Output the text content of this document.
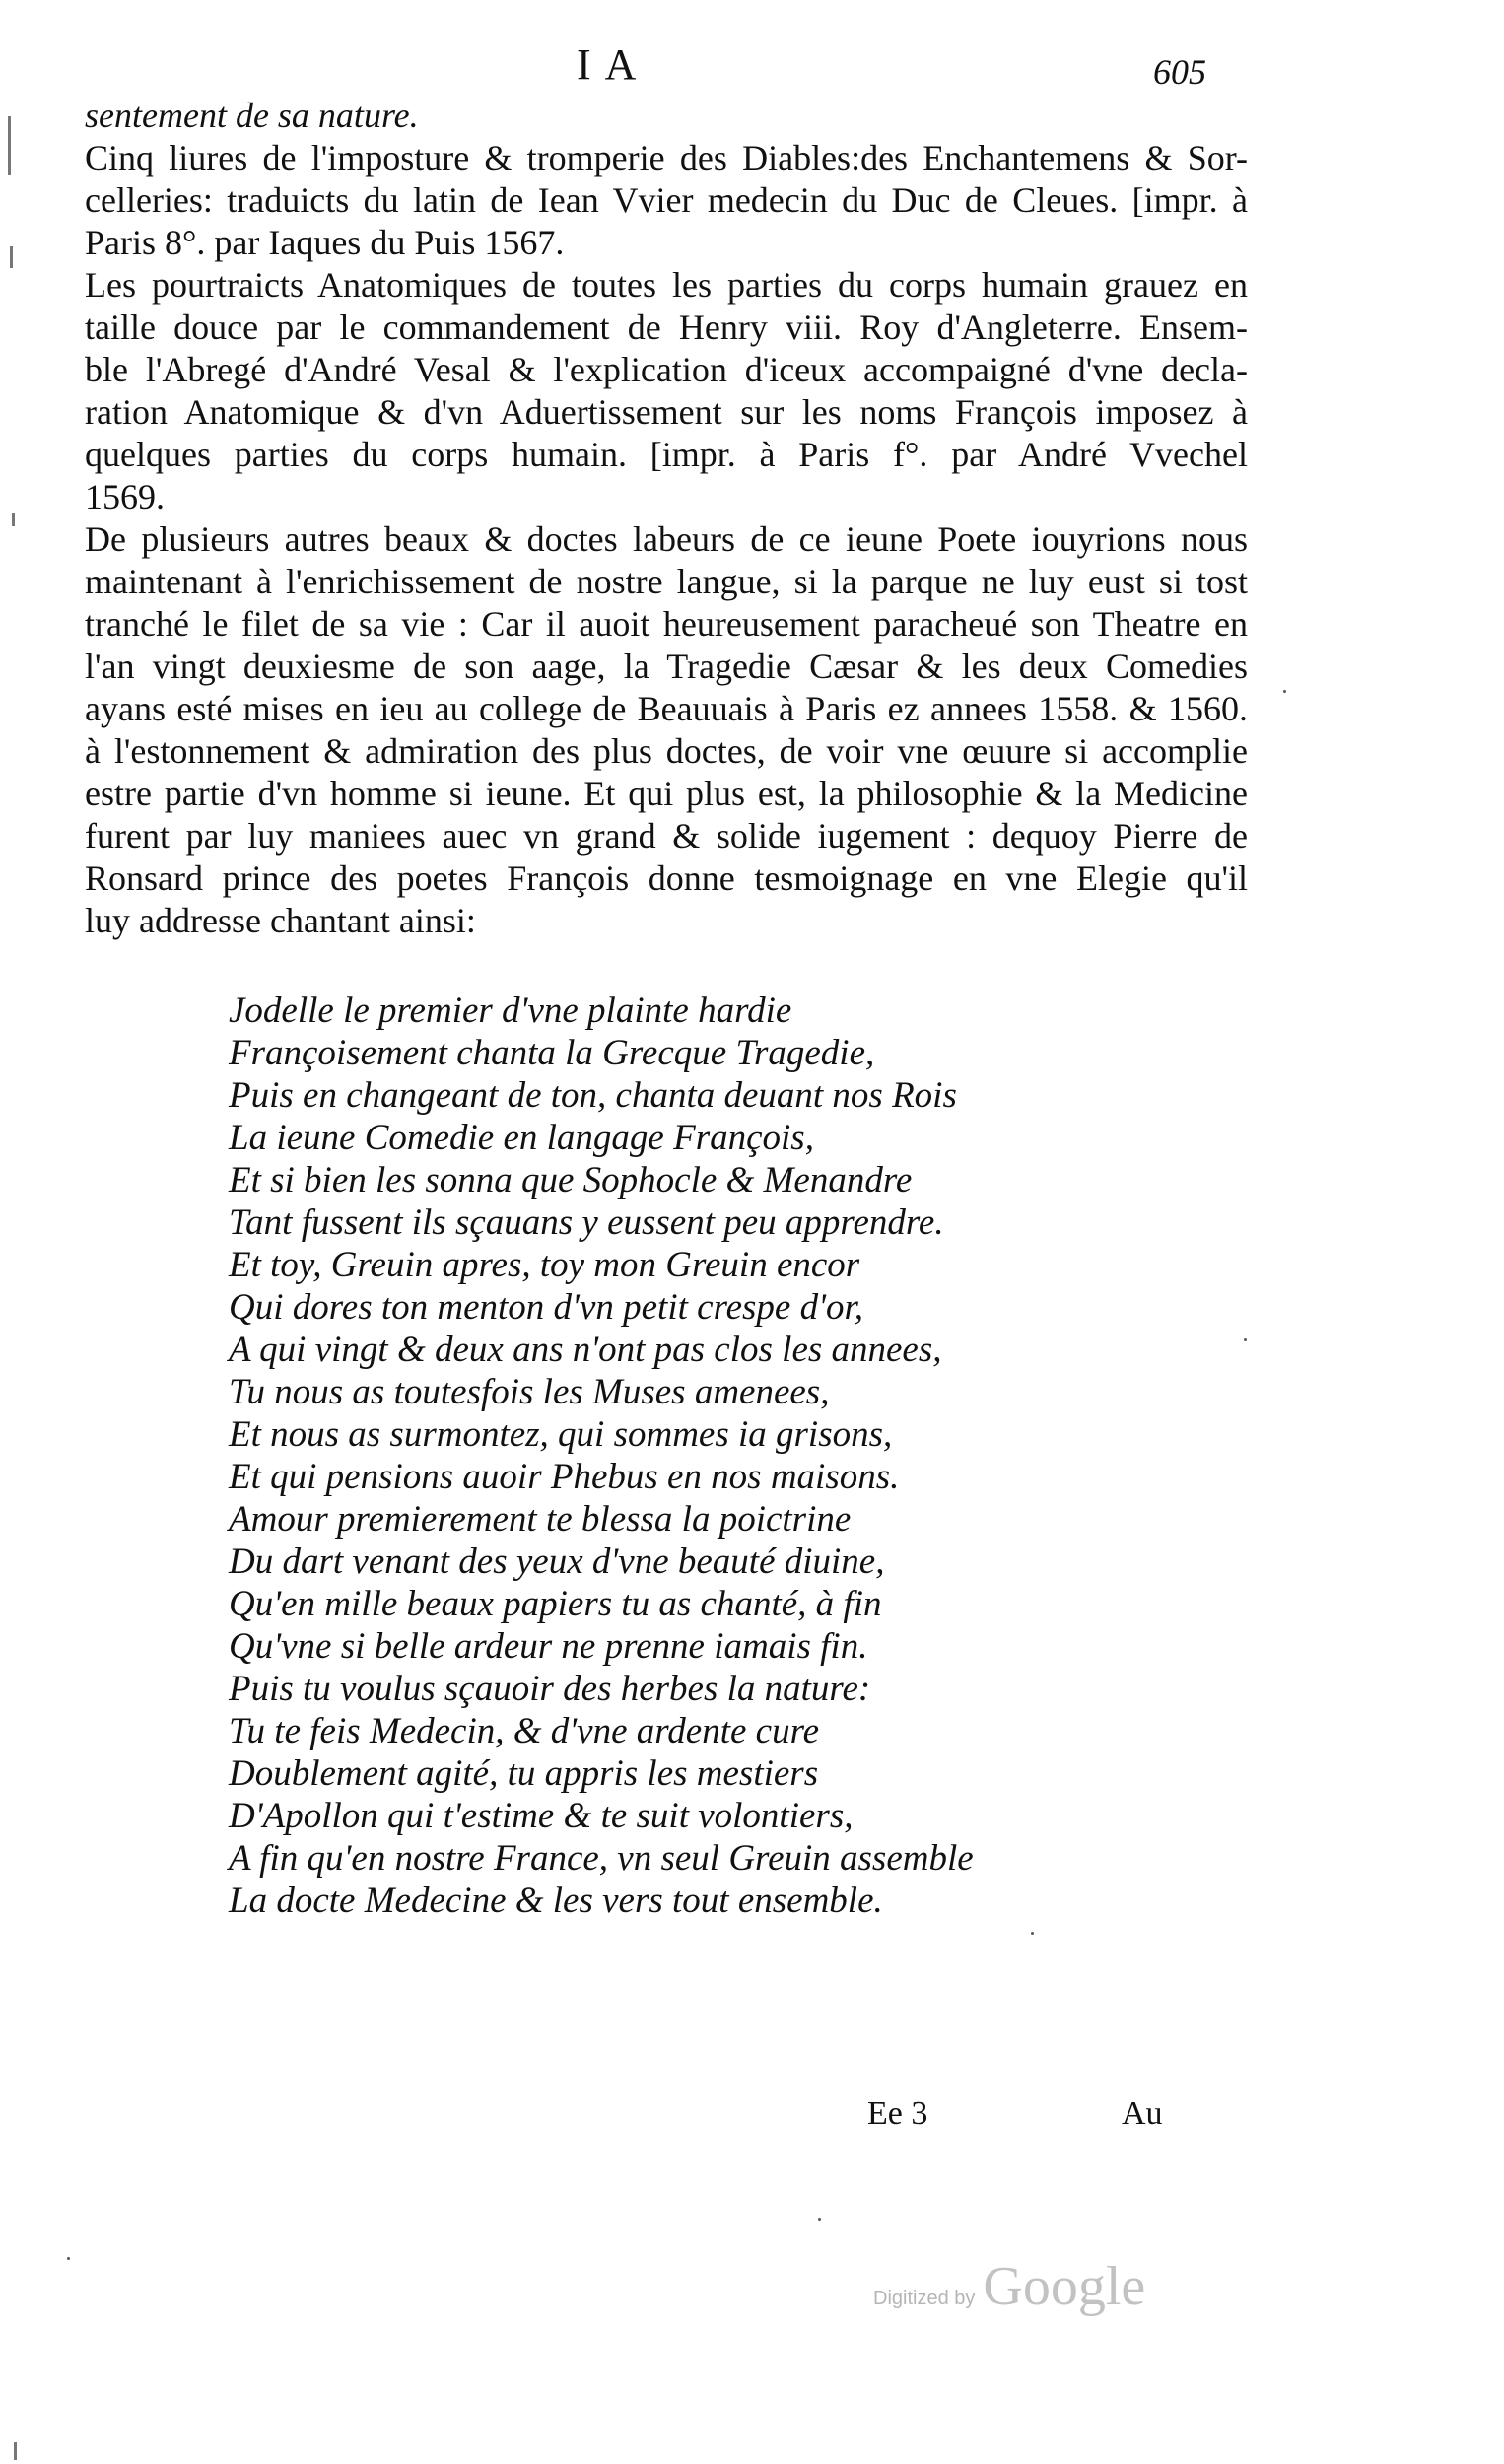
IA	605
sentement de sa nature.
Cinq liures de l'imposture & tromperie des Diables:des Enchantemens & Sor-
celleries: traduicts du latin de Iean Vvier medecin du Duc de Cleues. [impr. à
Paris 8°. par Iaques du Puis 1567.
Les pourtraicts Anatomiques de toutes les parties du corps humain grauez en
taille douce par le commandement de Henry viii. Roy d'Angleterre. Ensem-
ble l'Abregé d'André Vesal & l'explication d'iceux accompaigné d'vne decla-
ration Anatomique & d'vn Aduertissement sur les noms François imposez à
quelques parties du corps humain. [impr. à Paris f°. par André Vvechel
1569.
De plusieurs autres beaux & doctes labeurs de ce ieune Poete iouyrions nous
maintenant à l'enrichissement de nostre langue, si la parque ne luy eust si tost
tranché le filet de sa vie : Car il auoit heureusement paracheué son Theatre en
l'an vingt deuxiesme de son aage, la Tragedie Cæsar & les deux Comedies
ayans esté mises en ieu au college de Beauuais à Paris ez annees 1558. & 1560.
à l'estonnement & admiration des plus doctes, de voir vne œuure si accomplie
estre partie d'vn homme si ieune. Et qui plus est, la philosophie & la Medicine
furent par luy maniees auec vn grand & solide iugement : dequoy Pierre de
Ronsard prince des poetes François donne tesmoignage en vne Elegie qu'il
luy addresse chantant ainsi:
Jodelle le premier d'vne plainte hardie
Françoisement chanta la Grecque Tragedie,
Puis en changeant de ton, chanta deuant nos Rois
La ieune Comedie en langage François,
Et si bien les sonna que Sophocle & Menandre
Tant fussent ils sçauans y eussent peu apprendre.
Et toy, Greuin apres, toy mon Greuin encor
Qui dores ton menton d'vn petit crespe d'or,
A qui vingt & deux ans n'ont pas clos les annees,
Tu nous as toutesfois les Muses amenees,
Et nous as surmontez, qui sommes ia grisons,
Et qui pensions auoir Phebus en nos maisons.
Amour premierement te blessa la poictrine
Du dart venant des yeux d'vne beauté diuine,
Qu'en mille beaux papiers tu as chanté, à fin
Qu'vne si belle ardeur ne prenne iamais fin.
Puis tu voulus sçauoir des herbes la nature:
Tu te feis Medecin, & d'vne ardente cure
Doublement agité, tu appris les mestiers
D'Apollon qui t'estime & te suit volontiers,
A fin qu'en nostre France, vn seul Greuin assemble
La docte Medecine & les vers tout ensemble.
Ee 3	Au
Digitized by Google
